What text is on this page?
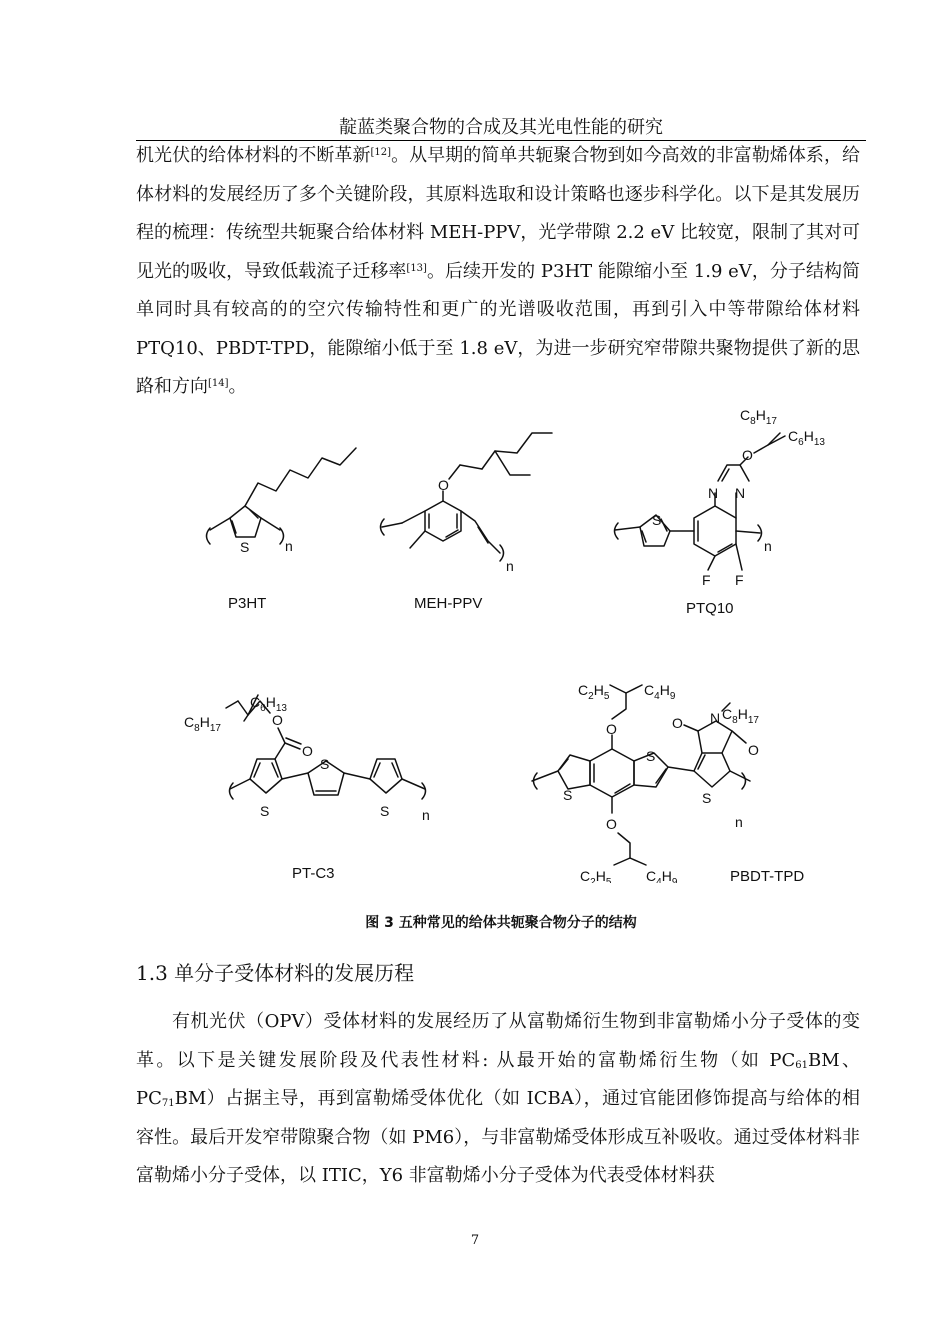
靛蓝类聚合物的合成及其光电性能的研究

机光伏的给体材料的不断革新[12]。从早期的简单共轭聚合物到如今高效的非富勒烯体系，给体材料的发展经历了多个关键阶段，其原料选取和设计策略也逐步科学化。以下是其发展历程的梳理：传统型共轭聚合给体材料 MEH-PPV，光学带隙 2.2 eV 比较宽，限制了其对可见光的吸收，导致低载流子迁移率[13]。后续开发的 P3HT 能隙缩小至 1.9 eV，分子结构简单同时具有较高的的空穴传输特性和更广的光谱吸收范围，再到引入中等带隙给体材料 PTQ10、PBDT-TPD，能隙缩小低于至 1.8 eV，为进一步研究窄带隙共聚物提供了新的思路和方向[14]。

S	n
P3HT
O
n
MEH-PPV
S
N N
O
F F
n
PTQ10
$C_8H_{17}$
$C_6H_{13}$
S
O
O
S
S n
PT-C3
$C_8H_{17}$
$C_6H_{13}$
S
S
O
O
S
O
O
N
n
PBDT-TPD
$C_2H_5$ $C_4H_9$
$C_8H_{17}$
$C_2H_5$ $C_4H_9$
图 3 五种常见的给体共轭聚合物分子的结构
1.3 单分子受体材料的发展历程

有机光伏（OPV）受体材料的发展经历了从富勒烯衍生物到非富勒烯小分子受体的变革。以下是关键发展阶段及代表性材料: 从最开始的富勒烯衍生物（如 $PC_{61}BM$、$PC_{71}BM$）占据主导，再到富勒烯受体优化（如 ICBA），通过官能团修饰提高与给体的相容性。最后开发窄带隙聚合物（如 PM6），与非富勒烯受体形成互补吸收。通过受体材料非富勒烯小分子受体，以 ITIC，Y6 非富勒烯小分子受体为代表受体材料获

7
